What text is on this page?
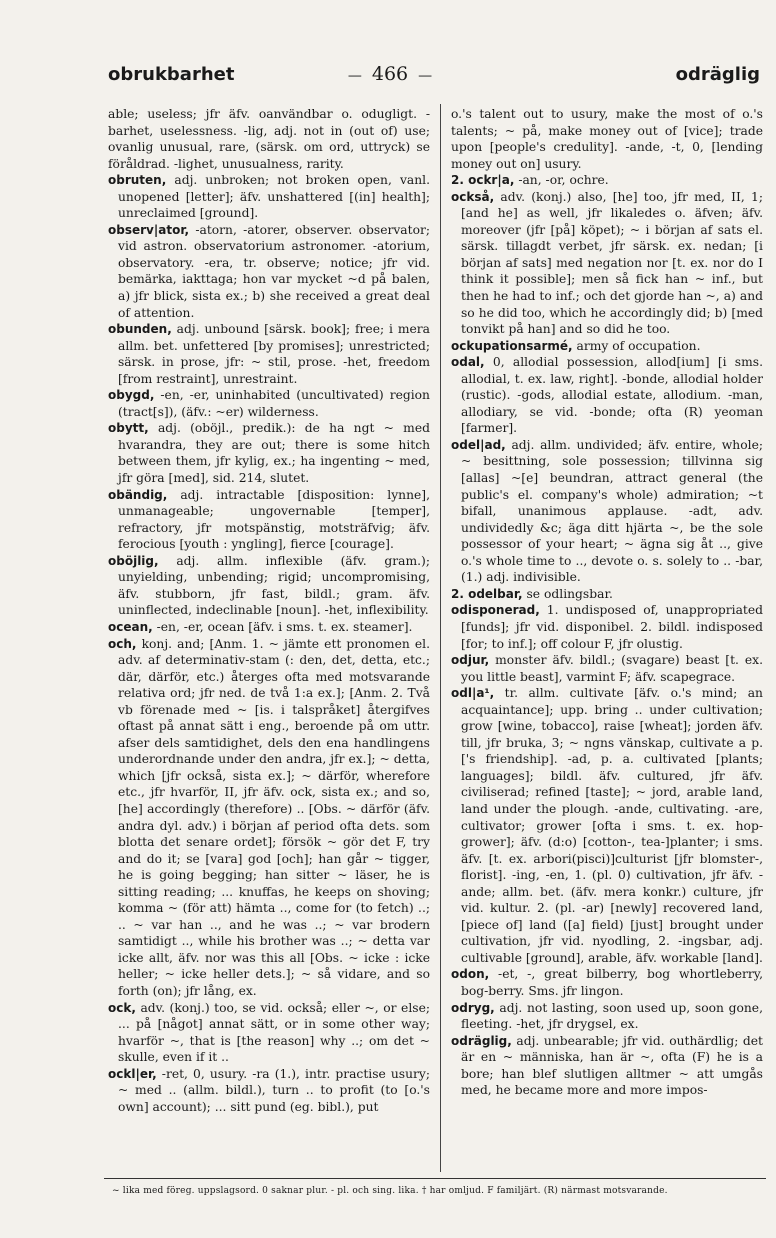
obrukbarhet
—	466 —	odräglig

able; useless; jfr äfv. oanvändbar o. odugligt. -barhet, uselessness. -lig, adj. not in (out of) use; ovanlig unusual, rare, (särsk. om ord, uttryck) se föråldrad. -lighet, unusualness, rarity.

obruten, adj. unbroken; not broken open, vanl. unopened [letter]; äfv. unshattered [(in] health]; unreclaimed [ground].

observ|ator, -atorn, -atorer, observer. observator; vid astron. observatorium astronomer. -atorium, observatory. -era, tr. observe; notice; jfr vid. bemärka, iakttaga; hon var mycket ~d på balen, a) jfr blick, sista ex.; b) she received a great deal of attention.

obunden, adj. unbound [särsk. book]; free; i mera allm. bet. unfettered [by promises]; unrestricted; särsk. in prose, jfr: ~ stil, prose. -het, freedom [from restraint], unrestraint.

obygd, -en, -er, uninhabited (uncultivated) region (tract[s]), (äfv.: ~er) wilderness.

obytt, adj. (oböjl., predik.): de ha ngt ~ med hvarandra, they are out; there is some hitch between them, jfr kylig, ex.; ha ingenting ~ med, jfr göra [med], sid. 214, slutet.

obändig, adj. intractable [disposition: lynne], unmanageable; ungovernable [temper], refractory, jfr motspänstig, motsträfvig; äfv. ferocious [youth : yngling], fierce [courage].

oböjlig, adj. allm. inflexible (äfv. gram.); unyielding, unbending; rigid; uncompromising, äfv. stubborn, jfr fast, bildl.; gram. äfv. uninflected, indeclinable [noun]. -het, inflexibility.

ocean, -en, -er, ocean [äfv. i sms. t. ex. steamer].

och, konj. and; [Anm. 1. ~ jämte ett pronomen el. adv. af determinativ-stam (: den, det, detta, etc.; där, därför, etc.) återges ofta med motsvarande relativa ord; jfr ned. de två 1:a ex.]; [Anm. 2. Två vb förenade med ~ [is. i talspråket] återgifves oftast på annat sätt i eng., beroende på om uttr. afser dels samtidighet, dels den ena handlingens underordnande under den andra, jfr ex.]; ~ detta, which [jfr också, sista ex.]; ~ därför, wherefore etc., jfr hvarför, II, jfr äfv. ock, sista ex.; and so, [he] accordingly (therefore) .. [Obs. ~ därför (äfv. andra dyl. adv.) i början af period ofta dets. som blotta det senare ordet]; försök ~ gör det F, try and do it; se [vara] god [och]; han går ~ tigger, he is going begging; han sitter ~ läser, he is sitting reading; ... knuffas, he keeps on shoving; komma ~ (för att) hämta .., come for (to fetch) ..; .. ~ var han .., and he was ..; ~ var brodern samtidigt .., while his brother was ..; ~ detta var icke allt, äfv. nor was this all [Obs. ~ icke : icke heller; ~ icke heller dets.]; ~ så vidare, and so forth (on); jfr lång, ex.

ock, adv. (konj.) too, se vid. också; eller ~, or else; ... på [något] annat sätt, or in some other way; hvarför ~, that is [the reason] why ..; om det ~ skulle, even if it ..

ockl|er, -ret, 0, usury. -ra (1.), intr. practise usury; ~ med .. (allm. bildl.), turn .. to profit (to [o.'s own] account); ... sitt pund (eg. bibl.), put

o.'s talent out to usury, make the most of o.'s talents; ~ på, make money out of [vice]; trade upon [people's credulity]. -ande, -t, 0, [lending money out on] usury.

2. ockr|a, -an, -or, ochre.

också, adv. (konj.) also, [he] too, jfr med, II, 1; [and he] as well, jfr likaledes o. äfven; äfv. moreover (jfr [på] köpet); ~ i början af sats el. särsk. tillagdt verbet, jfr särsk. ex. nedan; [i början af sats] med negation nor [t. ex. nor do I think it possible]; men så fick han ~ inf., but then he had to inf.; och det gjorde han ~, a) and so he did too, which he accordingly did; b) [med tonvikt på han] and so did he too.

ockupationsarmé, army of occupation.

odal, 0, allodial possession, allod[ium] [i sms. allodial, t. ex. law, right]. -bonde, allodial holder (rustic). -gods, allodial estate, allodium. -man, allodiary, se vid. -bonde; ofta (R) yeoman [farmer].

odel|ad, adj. allm. undivided; äfv. entire, whole; ~ besittning, sole possession; tillvinna sig [allas] ~[e] beundran, attract general (the public's el. company's whole) admiration; ~t bifall, unanimous applause. -adt, adv. undividedly &c; äga ditt hjärta ~, be the sole possessor of your heart; ~ ägna sig åt .., give o.'s whole time to .., devote o. s. solely to .. -bar, (1.) adj. indivisible.

2. odelbar, se odlingsbar.

odisponerad, 1. undisposed of, unappropriated [funds]; jfr vid. disponibel. 2. bildl. indisposed [for; to inf.]; off colour F, jfr olustig.

odjur, monster äfv. bildl.; (svagare) beast [t. ex. you little beast], varmint F; äfv. scapegrace.

odl|a¹, tr. allm. cultivate [äfv. o.'s mind; an acquaintance]; upp. bring .. under cultivation; grow [wine, tobacco], raise [wheat]; jorden äfv. till, jfr bruka, 3; ~ ngns vänskap, cultivate a p.['s friendship]. -ad, p. a. cultivated [plants; languages]; bildl. äfv. cultured, jfr äfv. civiliserad; refined [taste]; ~ jord, arable land, land under the plough. -ande, cultivating. -are, cultivator; grower [ofta i sms. t. ex. hop-grower]; äfv. (d:o) [cotton-, tea-]planter; i sms. äfv. [t. ex. arbori(pisci)]culturist [jfr blomster-, florist]. -ing, -en, 1. (pl. 0) cultivation, jfr äfv. -ande; allm. bet. (äfv. mera konkr.) culture, jfr vid. kultur. 2. (pl. -ar) [newly] recovered land, [piece of] land ([a] field) [just] brought under cultivation, jfr vid. nyodling, 2. -ingsbar, adj. cultivable [ground], arable, äfv. workable [land].

odon, -et, -, great bilberry, bog whortleberry, bog-berry. Sms. jfr lingon.

odryg, adj. not lasting, soon used up, soon gone, fleeting. -het, jfr drygsel, ex.

odräglig, adj. unbearable; jfr vid. outhärdlig; det är en ~ människa, han är ~, ofta (F) he is a bore; han blef slutligen alltmer ~ att umgås med, he became more and more impos-

~ lika med föreg. uppslagsord. 0 saknar plur. - pl. och sing. lika. † har omljud. F familjärt. (R) närmast motsvarande.
